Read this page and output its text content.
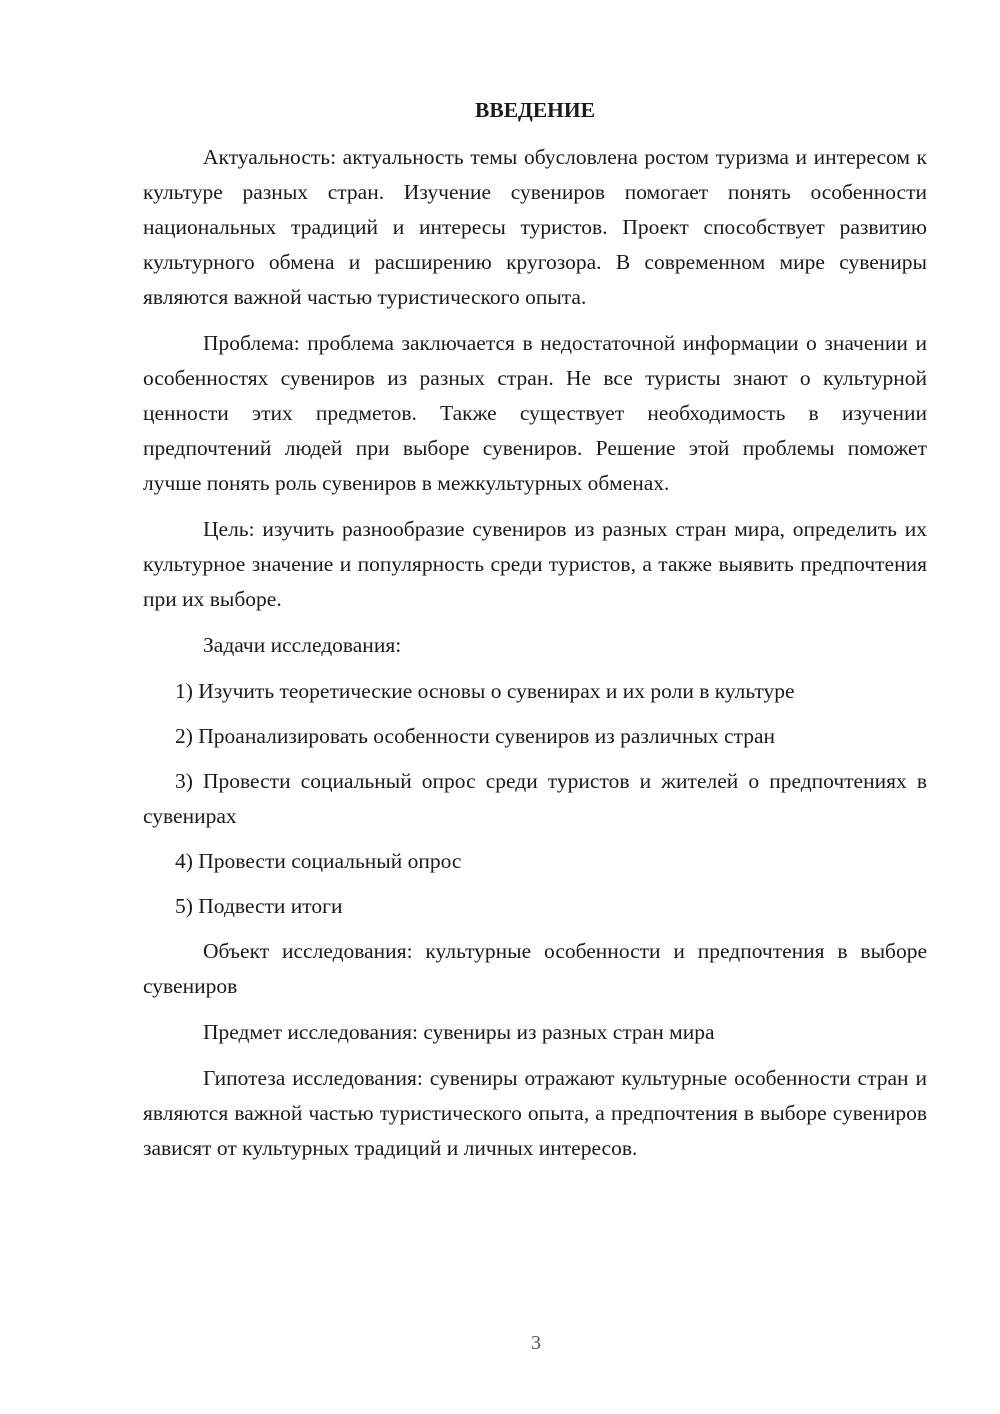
ВВЕДЕНИЕ

Актуальность: актуальность темы обусловлена ростом туризма и интересом к культуре разных стран. Изучение сувениров помогает понять особенности национальных традиций и интересы туристов. Проект способствует развитию культурного обмена и расширению кругозора. В современном мире сувениры являются важной частью туристического опыта.

Проблема: проблема заключается в недостаточной информации о значении и особенностях сувениров из разных стран. Не все туристы знают о культурной ценности этих предметов. Также существует необходимость в изучении предпочтений людей при выборе сувениров. Решение этой проблемы поможет лучше понять роль сувениров в межкультурных обменах.

Цель: изучить разнообразие сувениров из разных стран мира, определить их культурное значение и популярность среди туристов, а также выявить предпочтения при их выборе.

Задачи исследования:

1) Изучить теоретические основы о сувенирах и их роли в культуре

2) Проанализировать особенности сувениров из различных стран

3) Провести социальный опрос среди туристов и жителей о предпочтениях в сувенирах

4) Провести социальный опрос

5) Подвести итоги

Объект исследования: культурные особенности и предпочтения в выборе сувениров

Предмет исследования: сувениры из разных стран мира

Гипотеза исследования: сувениры отражают культурные особенности стран и являются важной частью туристического опыта, а предпочтения в выборе сувениров зависят от культурных традиций и личных интересов.

3
